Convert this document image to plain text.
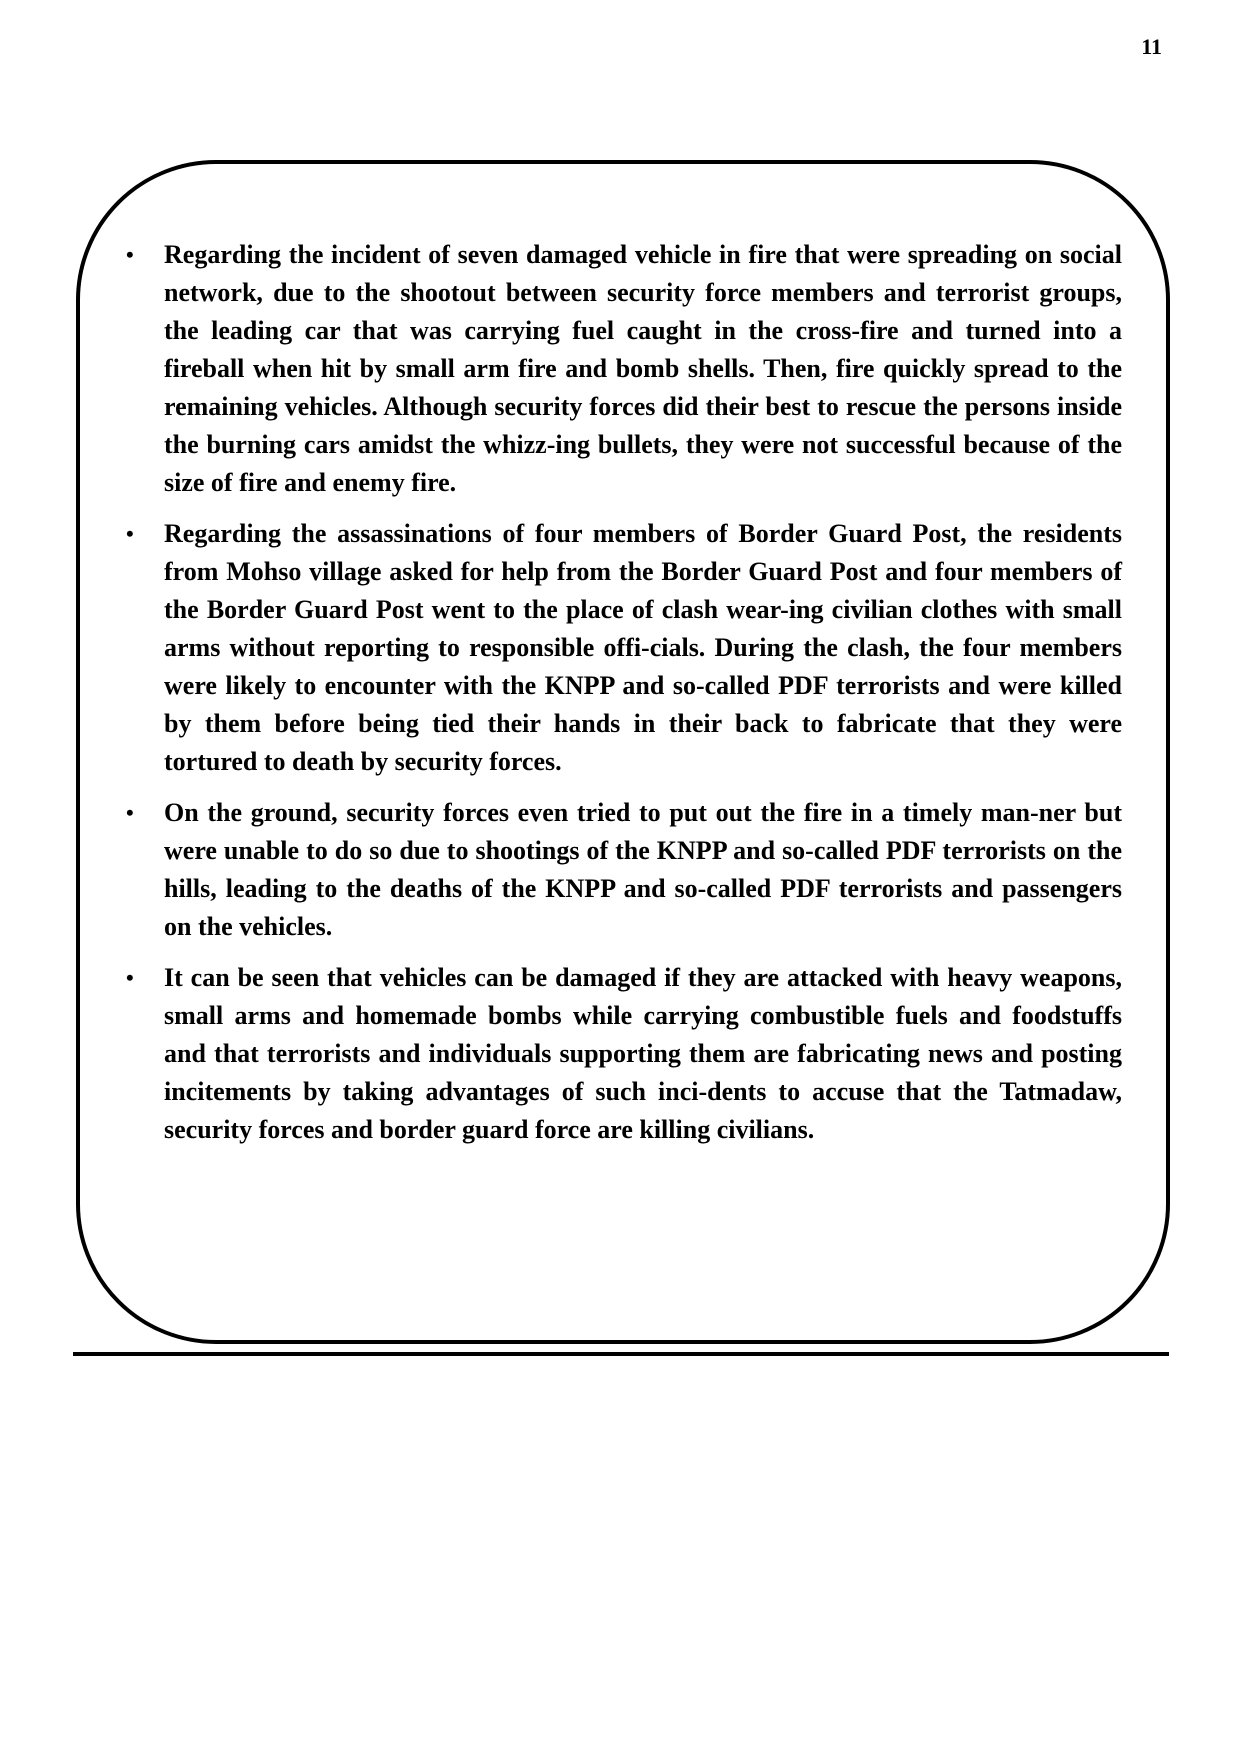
11
• Regarding the incident of seven damaged vehicle in fire that were spreading on social network, due to the shootout between security force members and terrorist groups, the leading car that was carrying fuel caught in the cross-fire and turned into a fireball when hit by small arm fire and bomb shells. Then, fire quickly spread to the remaining vehicles. Although security forces did their best to rescue the persons inside the burning cars amidst the whizz-ing bullets, they were not successful because of the size of fire and enemy fire.
• Regarding the assassinations of four members of Border Guard Post, the residents from Mohso village asked for help from the Border Guard Post and four members of the Border Guard Post went to the place of clash wear-ing civilian clothes with small arms without reporting to responsible offi-cials. During the clash, the four members were likely to encounter with the KNPP and so-called PDF terrorists and were killed by them before being tied their hands in their back to fabricate that they were tortured to death by security forces.
• On the ground, security forces even tried to put out the fire in a timely man-ner but were unable to do so due to shootings of the KNPP and so-called PDF terrorists on the hills, leading to the deaths of the KNPP and so-called PDF terrorists and passengers on the vehicles.
• It can be seen that vehicles can be damaged if they are attacked with heavy weapons, small arms and homemade bombs while carrying combustible fuels and foodstuffs and that terrorists and individuals supporting them are fabricating news and posting incitements by taking advantages of such inci-dents to accuse that the Tatmadaw, security forces and border guard force are killing civilians.
